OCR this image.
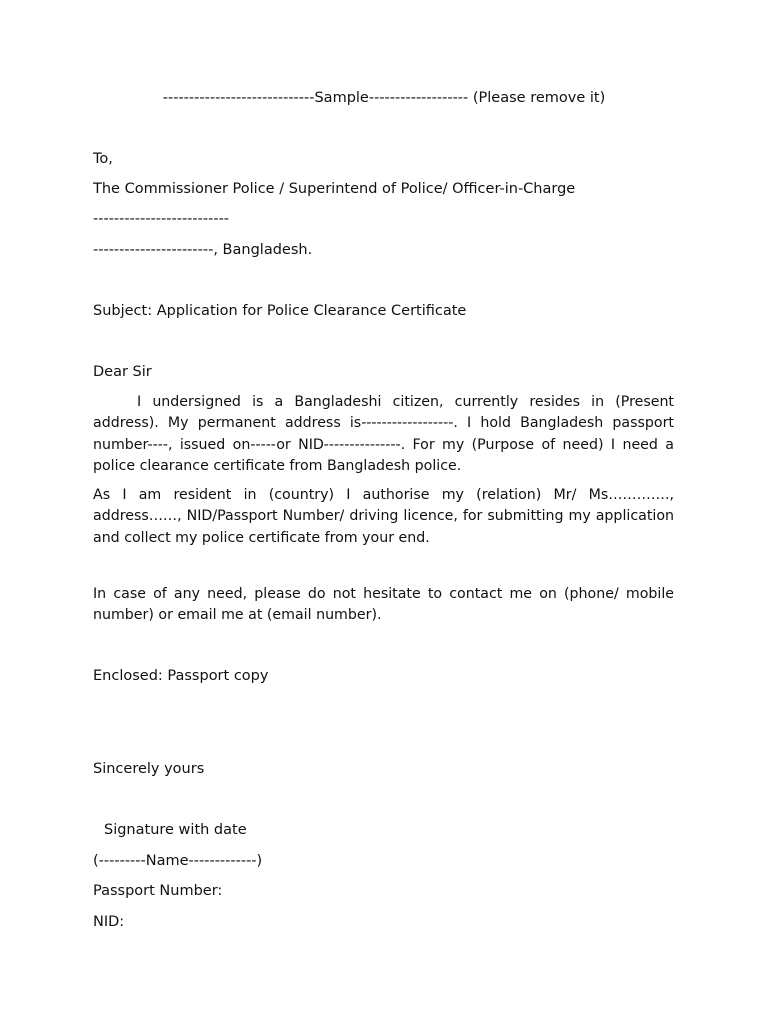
-----------------------------Sample------------------- (Please remove it)
To,
The Commissioner Police / Superintend of Police/ Officer-in-Charge
--------------------------
-----------------------, Bangladesh.
Subject: Application for Police Clearance Certificate
Dear Sir
I undersigned is a Bangladeshi citizen, currently resides in (Present address). My permanent address is------------------. I hold Bangladesh passport number----, issued on-----or NID---------------. For my (Purpose of need) I need a police clearance certificate from Bangladesh police.
As I am resident in (country) I authorise my (relation) Mr/ Ms…………., address……, NID/Passport Number/ driving licence, for submitting my application and collect my police certificate from your end.
In case of any need, please do not hesitate to contact me on (phone/ mobile number) or email me at (email number).
Enclosed: Passport copy
Sincerely yours
Signature with date
(---------Name-------------)
Passport Number:
NID:
